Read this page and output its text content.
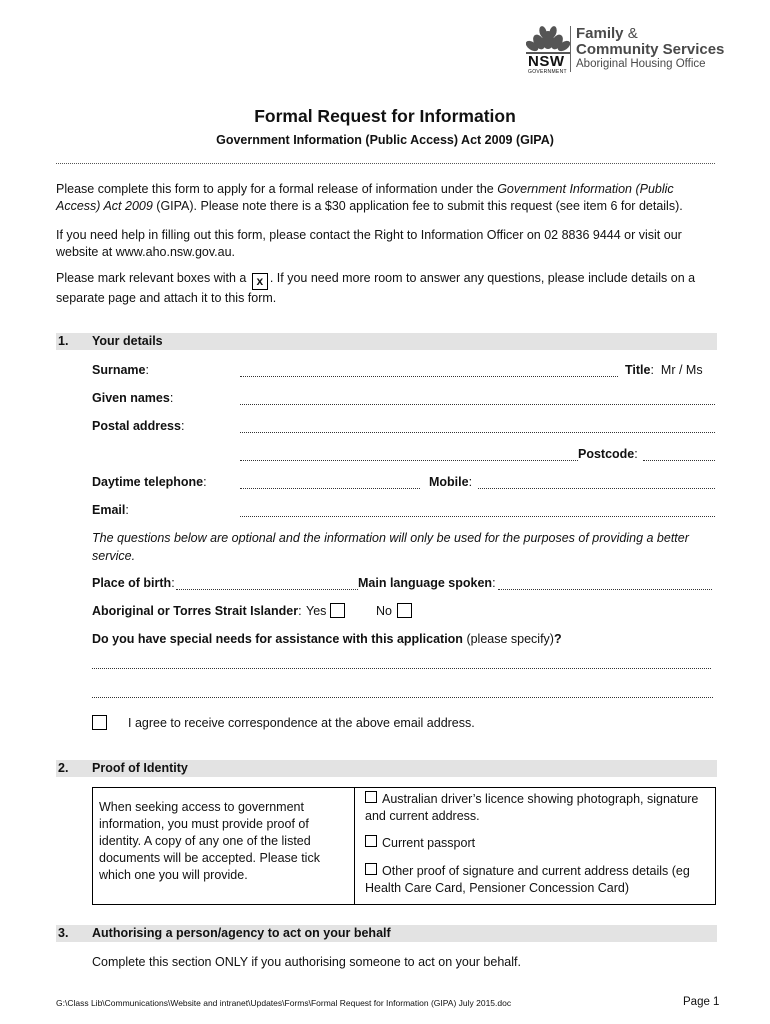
NSW
GOVERNMENT
Family &
Community Services
Aboriginal Housing Office
Formal Request for Information
Government Information (Public Access) Act 2009 (GIPA)
Please complete this form to apply for a formal release of information under the Government Information (Public Access) Act 2009 (GIPA). Please note there is a $30 application fee to submit this request (see item 6 for details).
If you need help in filling out this form, please contact the Right to Information Officer on 02 8836 9444 or visit our website at www.aho.nsw.gov.au.
Please mark relevant boxes with a x . If you need more room to answer any questions, please include details on a separate page and attach it to this form.
1. Your details
Surname:	Title:  Mr / Ms
Given names:
Postal address:
Postcode:
Daytime telephone:	Mobile:
Email:
The questions below are optional and the information will only be used for the purposes of providing a better service.
Place of birth:	Main language spoken:
Aboriginal or Torres Strait Islander: Yes	No
Do you have special needs for assistance with this application (please specify)?
I agree to receive correspondence at the above email address.
2. Proof of Identity
When seeking access to government information, you must provide proof of identity. A copy of any one of the listed documents will be accepted. Please tick which one you will provide.
Australian driver’s licence showing photograph, signature and current address.
Current passport
Other proof of signature and current address details (eg Health Care Card, Pensioner Concession Card)
3. Authorising a person/agency to act on your behalf
Complete this section ONLY if you authorising someone to act on your behalf.
G:\Class Lib\Communications\Website and intranet\Updates\Forms\Formal Request for Information (GIPA) July 2015.doc	Page 1
